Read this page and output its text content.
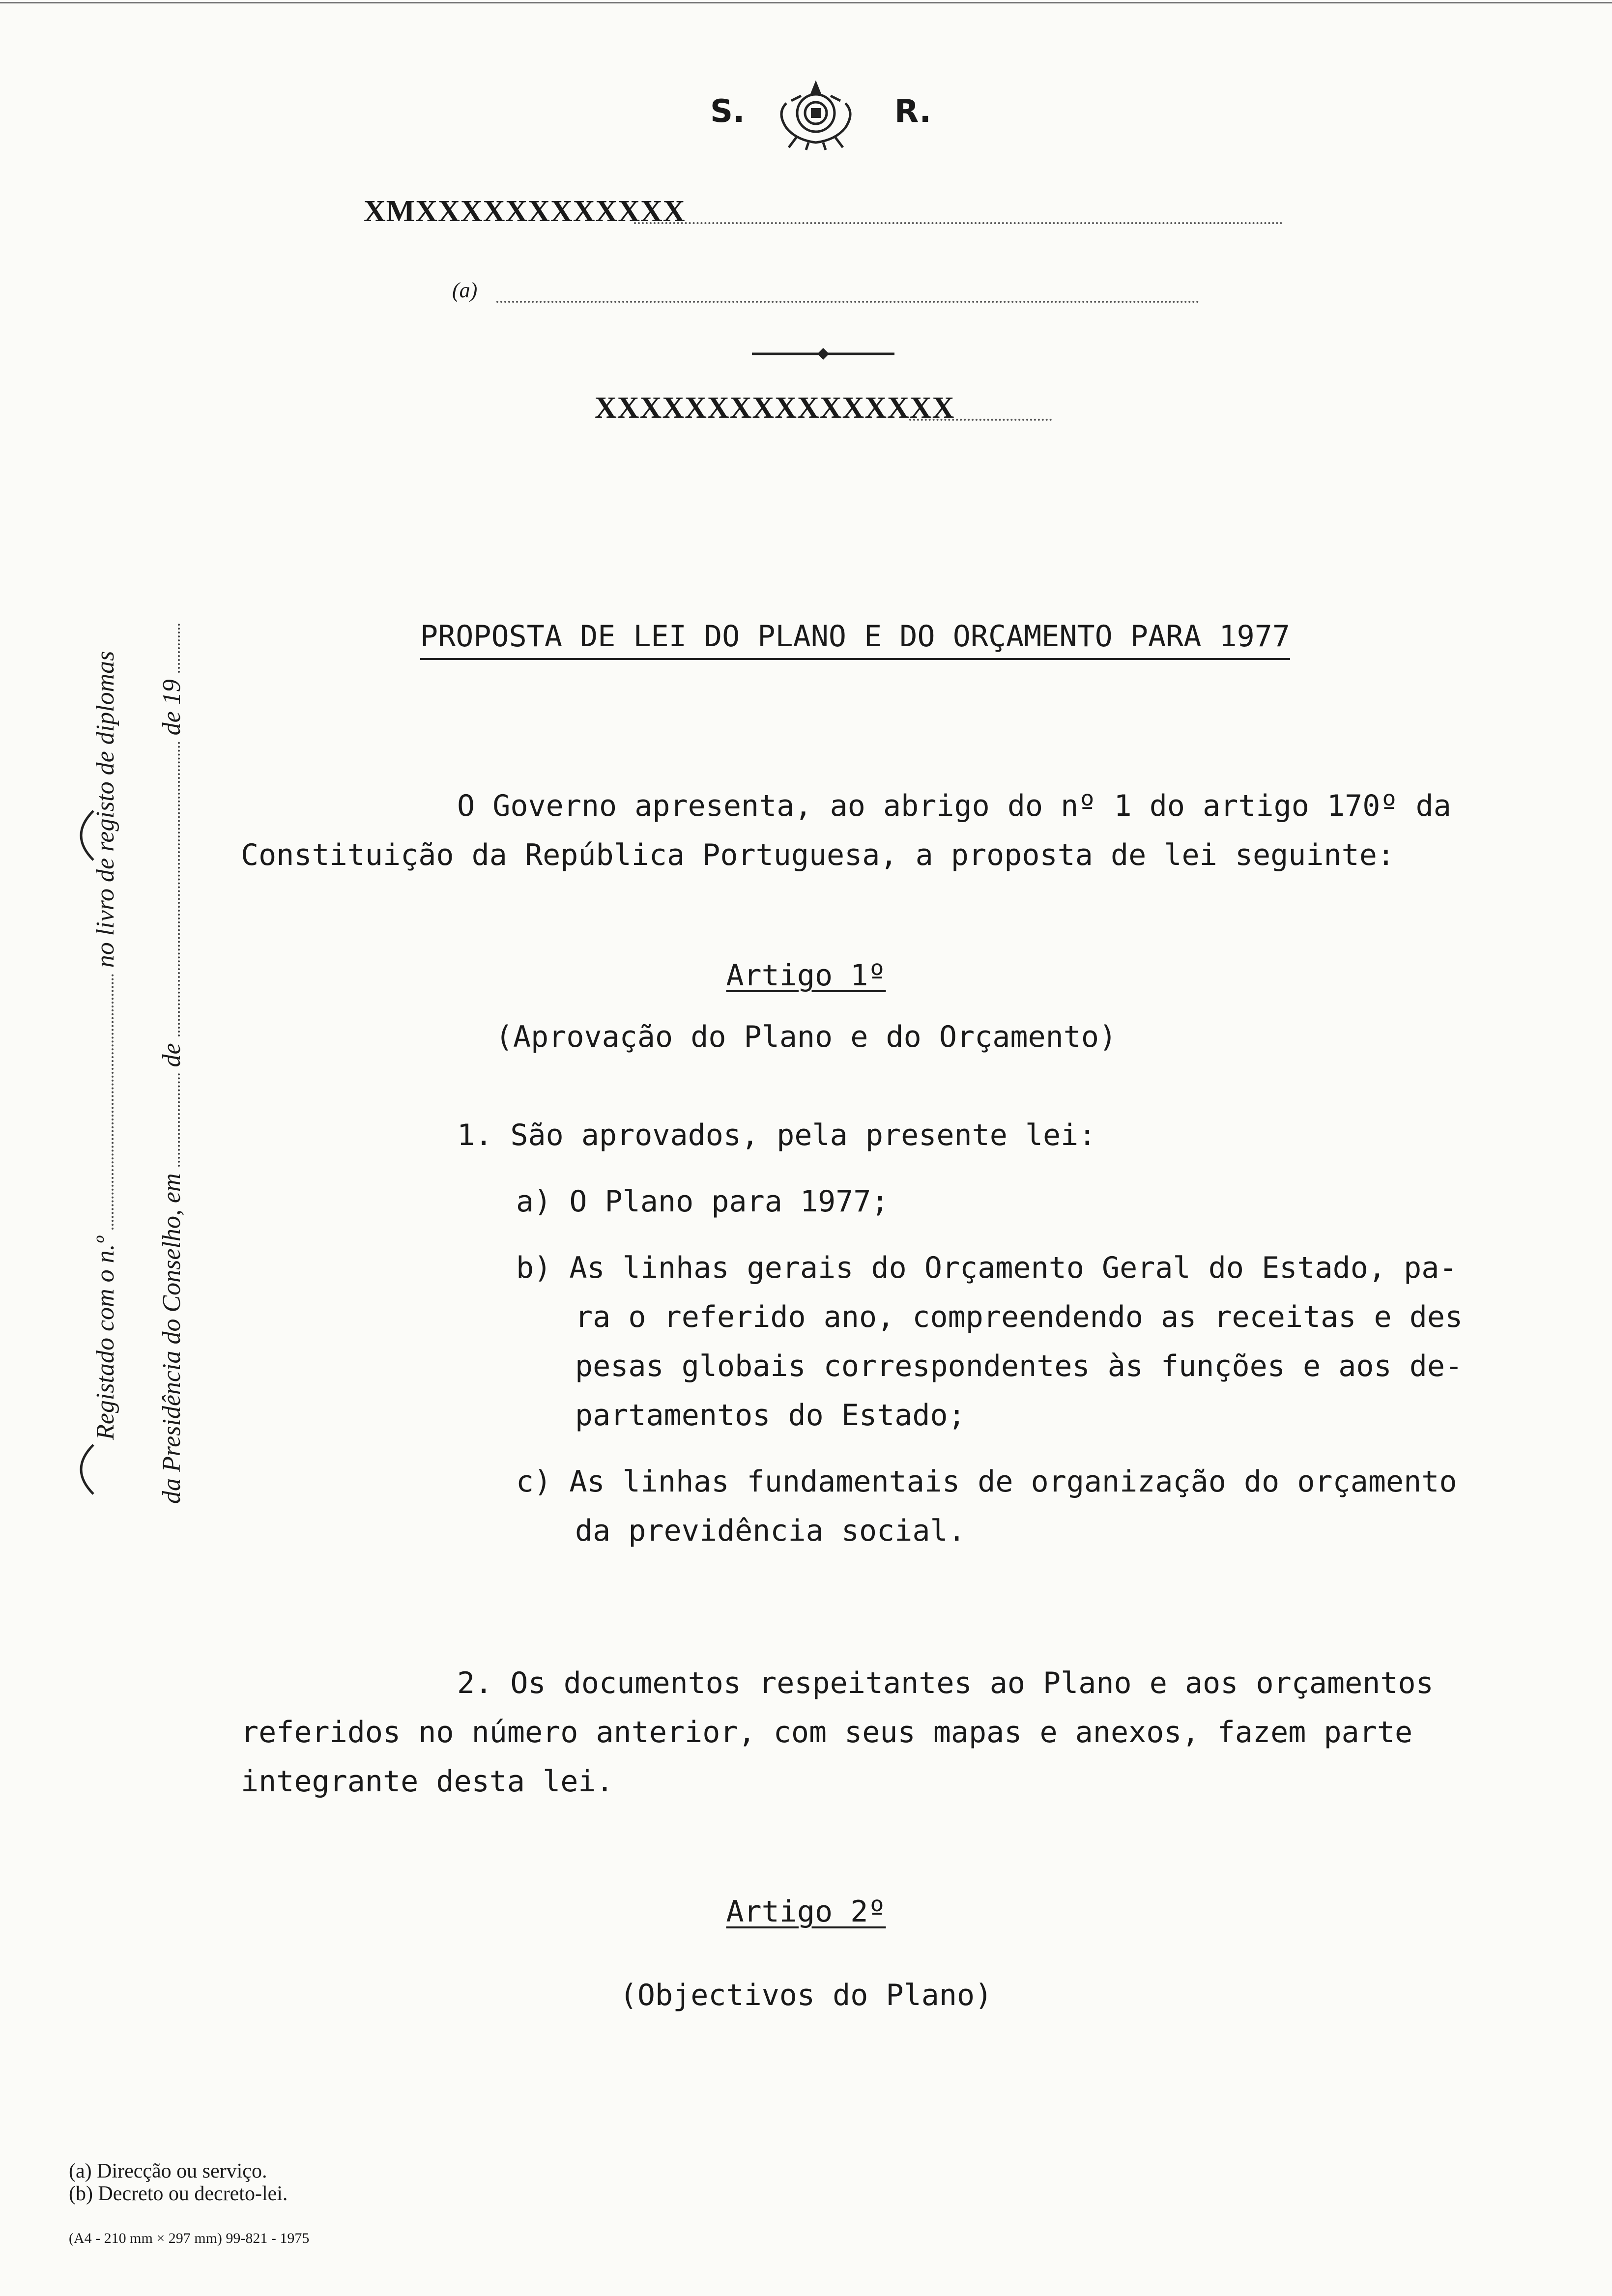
S.	R.
XMXXXXXXXXXXXX
(a)
XXXXXXXXXXXXXXXX
Registado com o n.º  no livro de registo de diplomas
da Presidência do Conselho, em  de  de 19
PROPOSTA DE LEI DO PLANO E DO ORÇAMENTO PARA 1977
O Governo apresenta, ao abrigo do nº 1 do artigo 170º da
Constituição da República Portuguesa, a proposta de lei seguinte:
Artigo 1º
(Aprovação do Plano e do Orçamento)
1. São aprovados, pela presente lei:
a) O Plano para 1977;
b) As linhas gerais do Orçamento Geral do Estado, pa-
ra o referido ano, compreendendo as receitas e des
pesas globais correspondentes às funções e aos de-
partamentos do Estado;
c) As linhas fundamentais de organização do orçamento
da previdência social.
2. Os documentos respeitantes ao Plano e aos orçamentos
referidos no número anterior, com seus mapas e anexos, fazem parte
integrante desta lei.
Artigo 2º
(Objectivos do Plano)
(a) Direcção ou serviço.
(b) Decreto ou decreto-lei.
(A4 - 210 mm × 297 mm) 99-821 - 1975
